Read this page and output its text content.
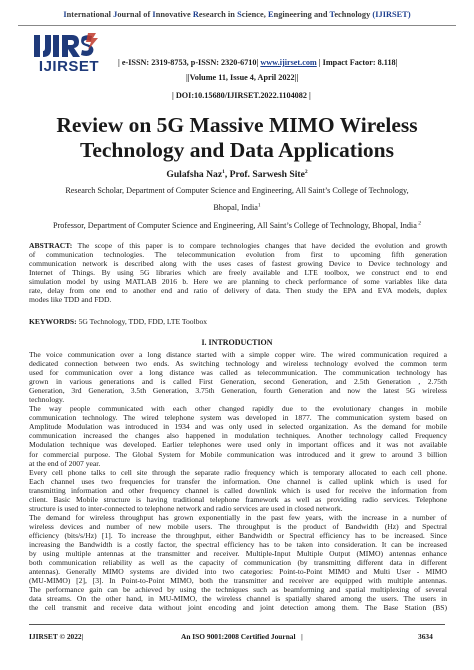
International Journal of Innovative Research in Science, Engineering and Technology (IJIRSET)
IJIRSET	| e-ISSN: 2319-8753, p-ISSN: 2320-6710| www.ijirset.com | Impact Factor: 8.118|
||Volume 11, Issue 4, April 2022||
| DOI:10.15680/IJIRSET.2022.1104082 |
Review on 5G Massive MIMO Wireless
Technology and Data Applications
Gulafsha Naz$^1$, Prof. Sarwesh Site$^2$
Research Scholar, Department of Computer Science and Engineering, All Saint’s College of Technology,
Bhopal, India$^1$
Professor, Department of Computer Science and Engineering, All Saint’s College of Technology, Bhopal, India $^2$
ABSTRACT: The scope of this paper is to compare technologies changes that have decided the evolution and growth
of communication technologies. The telecommunication evolution from first to upcoming fifth generation
communication network is described along with the uses cases of fastest growing Device to Device technology and
Internet of Things. By using 5G libraries which are freely available and LTE toolbox, we construct end to end
simulation model by using MATLAB 2016 b. Here we are planning to check performance of some variables like data
rate, delay from one end to another end and ratio of delivery of data. Then study the EPA and EVA models, duplex
modes like TDD and FDD.
KEYWORDS: 5G Technology, TDD, FDD, LTE Toolbox
I. INTRODUCTION
The voice communication over a long distance started with a simple copper wire. The wired communication required a
dedicated connection between two ends. As switching technology and wireless technology evolved the common term
used for communication over a long distance was called as telecommunication. The communication technology has
grown in various generations and is called First Generation, second Generation, and 2.5th Generation , 2.75th
Generation, 3rd Generation, 3.5th Generation, 3.75th Generation, fourth Generation and now the latest 5G wireless
technology.
The way people communicated with each other changed rapidly due to the evolutionary changes in mobile
communication technology. The wired telephone system was developed in 1877. The communication system based on
Amplitude Modulation was introduced in 1934 and was only used in selected organization. As the demand for mobile
communication increased the changes also happened in modulation techniques. Another technology called Frequency
Modulation technique was developed. Earlier telephones were used only in important offices and it was not available
for commercial purpose. The Global System for Mobile communication was introduced and it grew to around 3 billion
at the end of 2007 year.
Every cell phone talks to cell site through the separate radio frequency which is temporary allocated to each cell phone.
Each channel uses two frequencies for transfer the information. One channel is called uplink which is used for
transmitting information and other frequency channel is called downlink which is used for receive the information from
client. Basic Mobile structure is having traditional telephone framework as well as providing radio services. Telephone
structure is used to inter-connected to telephone network and radio services are used in closed network.
The demand for wireless throughput has grown exponentially in the past few years, with the increase in a number of
wireless devices and number of new mobile users. The throughput is the product of Bandwidth (Hz) and Spectral
efficiency (bits/s/Hz) [1]. To increase the throughput, either Bandwidth or Spectral efficiency has to be increased. Since
increasing the Bandwidth is a costly factor, the spectral efficiency has to be taken into consideration. It can be increased
by using multiple antennas at the transmitter and receiver. Multiple-Input Multiple Output (MIMO) antennas enhance
both communication reliability as well as the capacity of communication (by transmitting different data in different
antennas). Generally MIMO systems are divided into two categories: Point-to-Point MIMO and Multi User - MIMO
(MU-MIMO) [2], [3]. In Point-to-Point MIMO, both the transmitter and receiver are equipped with multiple antennas.
The performance gain can be achieved by using the techniques such as beamforming and spatial multiplexing of several
data streams. On the other hand, in MU-MIMO, the wireless channel is spatially shared among the users. The users in
the cell transmit and receive data without joint encoding and joint detection among them. The Base Station (BS)
IJIRSET © 2022|	An ISO 9001:2008 Certified Journal |	3634
